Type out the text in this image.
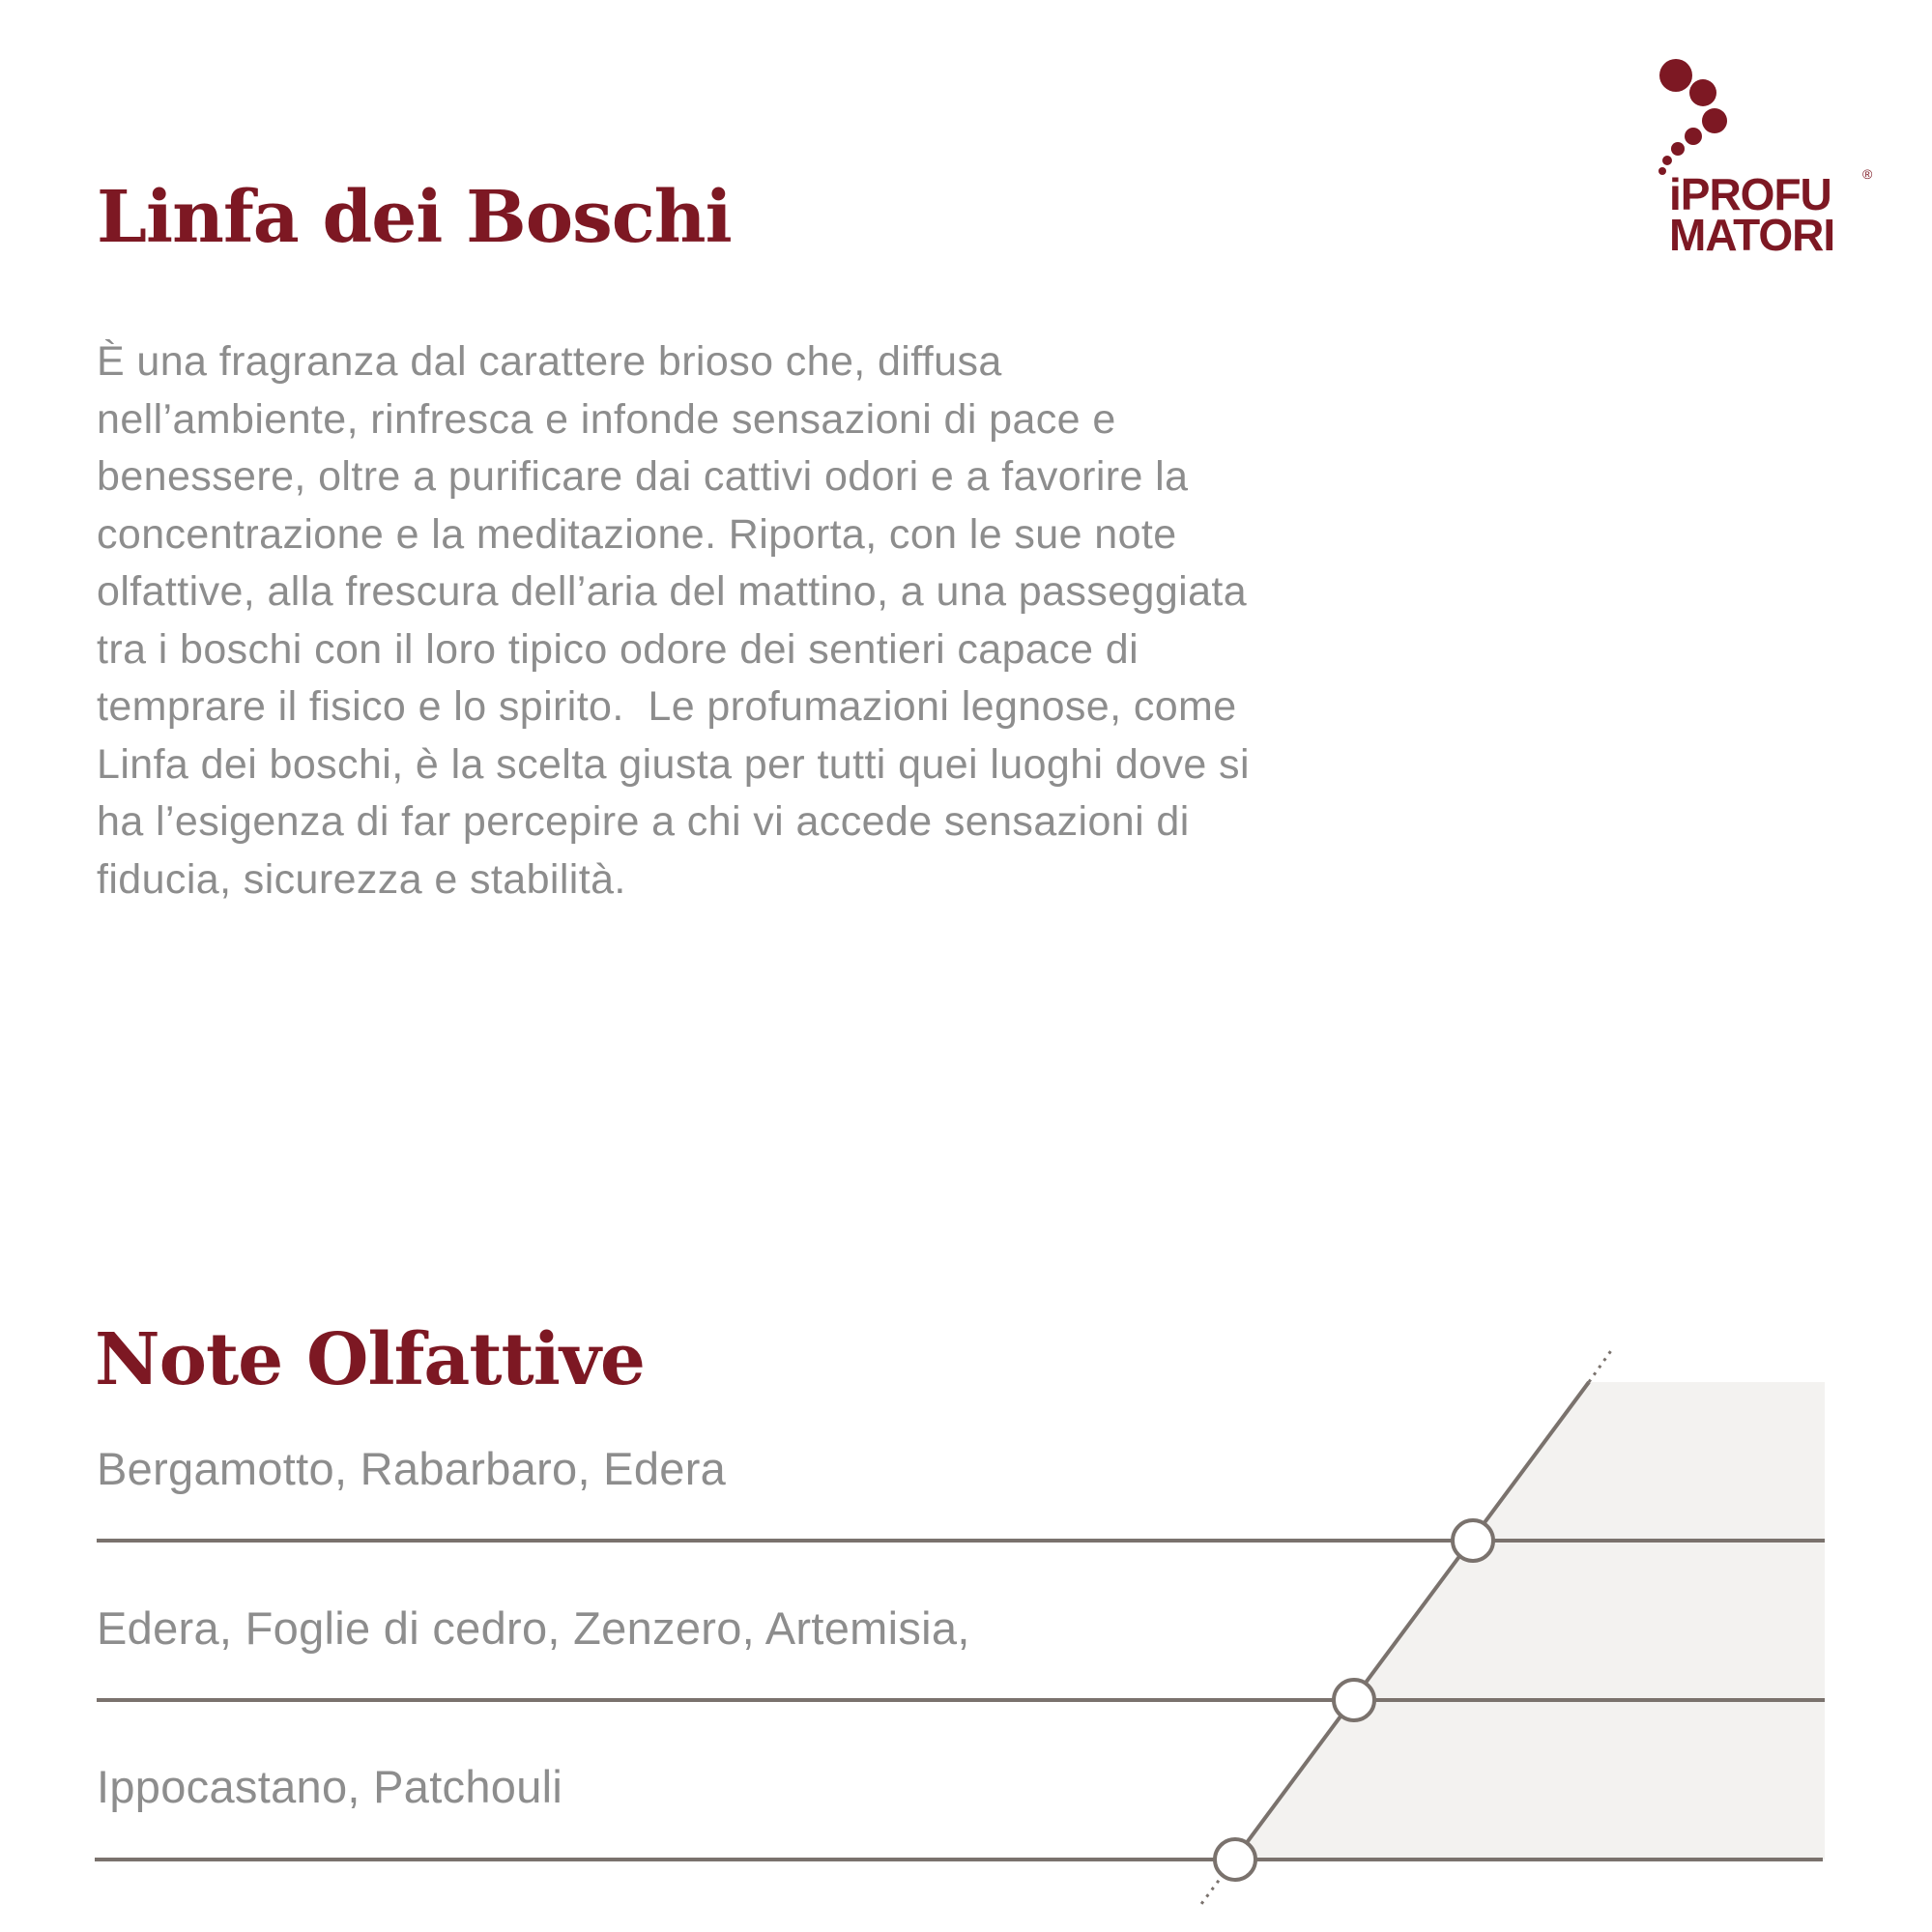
iPROFU
MATORI

®
Linfa dei Boschi

È una fragranza dal carattere brioso che, diffusa
nell’ambiente, rinfresca e infonde sensazioni di pace e
benessere, oltre a purificare dai cattivi odori e a favorire la
concentrazione e la meditazione. Riporta, con le sue note
olfattive, alla frescura dell’aria del mattino, a una passeggiata
tra i boschi con il loro tipico odore dei sentieri capace di
temprare il fisico e lo spirito.  Le profumazioni legnose, come
Linfa dei boschi, è la scelta giusta per tutti quei luoghi dove si
ha l’esigenza di far percepire a chi vi accede sensazioni di
fiducia, sicurezza e stabilità.

Note Olfattive

Bergamotto, Rabarbaro, Edera

Edera, Foglie di cedro, Zenzero, Artemisia,

Ippocastano, Patchouli
